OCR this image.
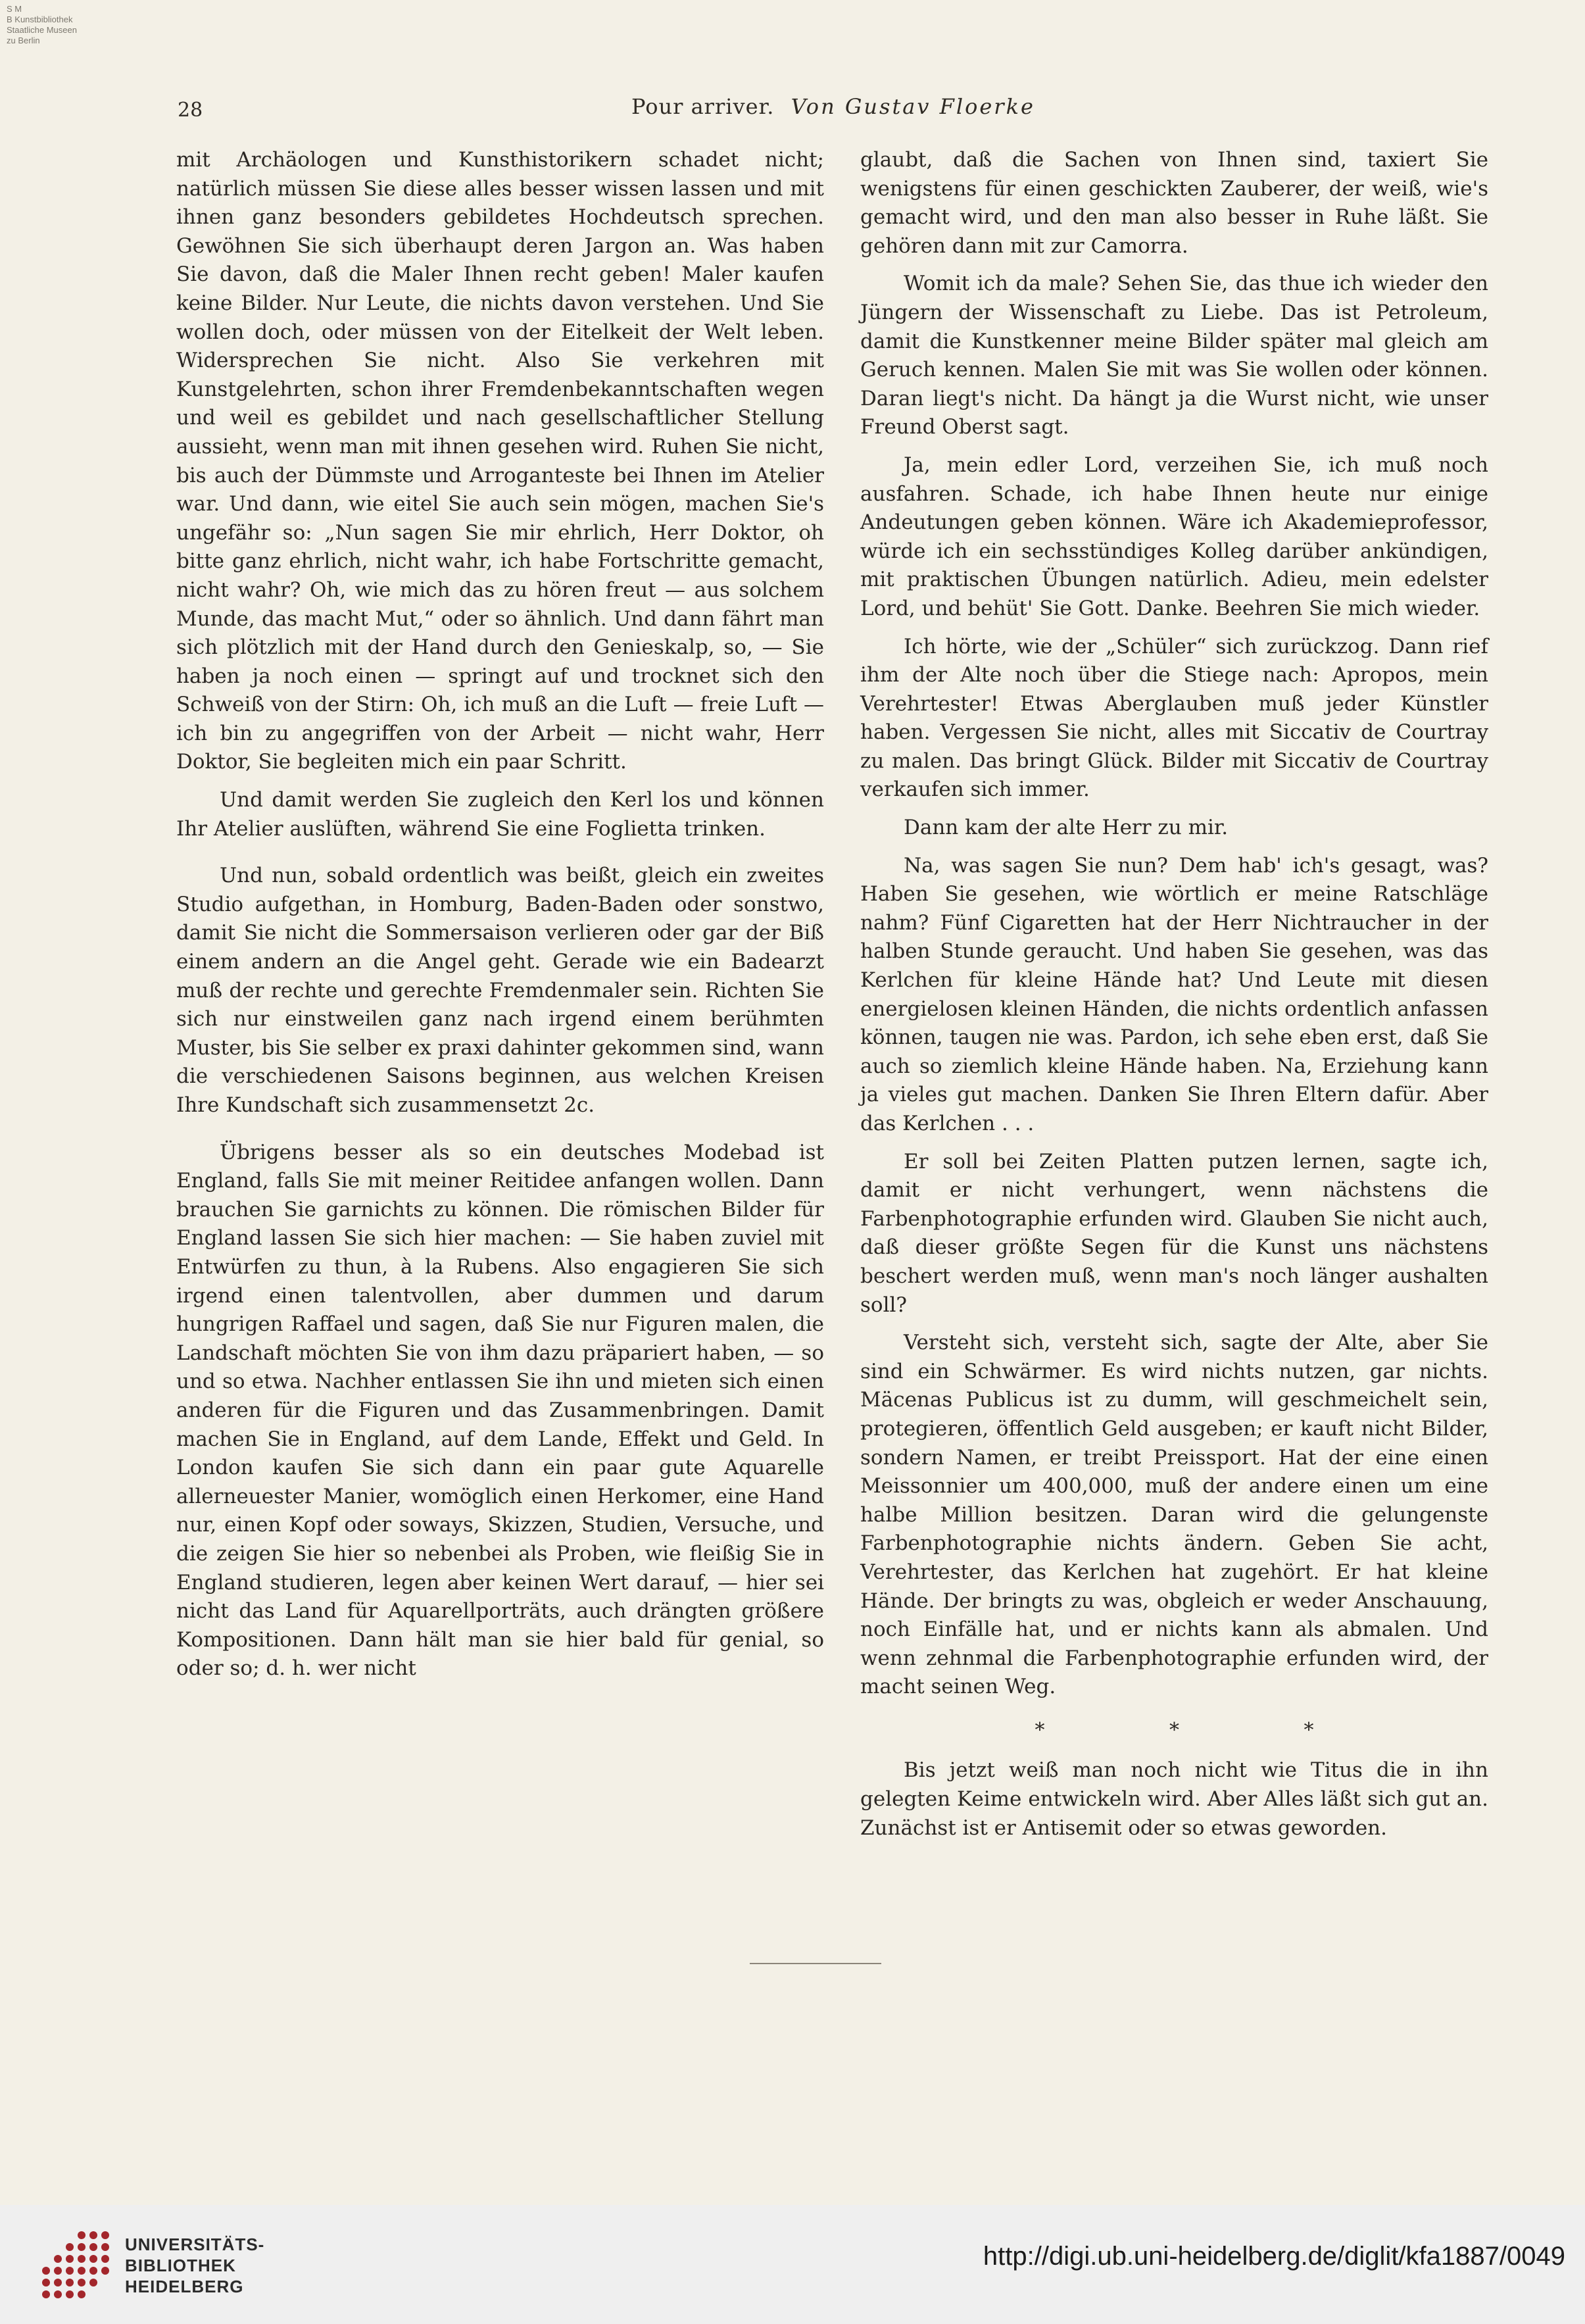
S M
B Kunstbibliothek
Staatliche Museen
zu Berlin
28	Pour arriver. Von Gustav Floerke

mit Archäologen und Kunsthistorikern schadet nicht; natürlich müssen Sie diese alles besser wissen lassen und mit ihnen ganz besonders gebildetes Hochdeutsch sprechen. Gewöhnen Sie sich überhaupt deren Jargon an. Was haben Sie davon, daß die Maler Ihnen recht geben! Maler kaufen keine Bilder. Nur Leute, die nichts davon verstehen. Und Sie wollen doch, oder müssen von der Eitelkeit der Welt leben. Widersprechen Sie nicht. Also Sie verkehren mit Kunstgelehrten, schon ihrer Fremdenbekanntschaften wegen und weil es gebildet und nach gesellschaftlicher Stellung aussieht, wenn man mit ihnen gesehen wird. Ruhen Sie nicht, bis auch der Dümmste und Arroganteste bei Ihnen im Atelier war. Und dann, wie eitel Sie auch sein mögen, machen Sie's ungefähr so: „Nun sagen Sie mir ehrlich, Herr Doktor, oh bitte ganz ehrlich, nicht wahr, ich habe Fortschritte gemacht, nicht wahr? Oh, wie mich das zu hören freut — aus solchem Munde, das macht Mut,“ oder so ähnlich. Und dann fährt man sich plötzlich mit der Hand durch den Genieskalp, so, — Sie haben ja noch einen — springt auf und trocknet sich den Schweiß von der Stirn: Oh, ich muß an die Luft — freie Luft — ich bin zu angegriffen von der Arbeit — nicht wahr, Herr Doktor, Sie begleiten mich ein paar Schritt.

Und damit werden Sie zugleich den Kerl los und können Ihr Atelier auslüften, während Sie eine Foglietta trinken.

Und nun, sobald ordentlich was beißt, gleich ein zweites Studio aufgethan, in Homburg, Baden-Baden oder sonstwo, damit Sie nicht die Sommersaison verlieren oder gar der Biß einem andern an die Angel geht. Gerade wie ein Badearzt muß der rechte und gerechte Fremdenmaler sein. Richten Sie sich nur einstweilen ganz nach irgend einem berühmten Muster, bis Sie selber ex praxi dahinter gekommen sind, wann die verschiedenen Saisons beginnen, aus welchen Kreisen Ihre Kundschaft sich zusammensetzt 2c.

Übrigens besser als so ein deutsches Modebad ist England, falls Sie mit meiner Reitidee anfangen wollen. Dann brauchen Sie garnichts zu können. Die römischen Bilder für England lassen Sie sich hier machen: — Sie haben zuviel mit Entwürfen zu thun, à la Rubens. Also engagieren Sie sich irgend einen talentvollen, aber dummen und darum hungrigen Raffael und sagen, daß Sie nur Figuren malen, die Landschaft möchten Sie von ihm dazu präpariert haben, — so und so etwa. Nachher entlassen Sie ihn und mieten sich einen anderen für die Figuren und das Zusammenbringen. Damit machen Sie in England, auf dem Lande, Effekt und Geld. In London kaufen Sie sich dann ein paar gute Aquarelle allerneuester Manier, womöglich einen Herkomer, eine Hand nur, einen Kopf oder soways, Skizzen, Studien, Versuche, und die zeigen Sie hier so nebenbei als Proben, wie fleißig Sie in England studieren, legen aber keinen Wert darauf, — hier sei nicht das Land für Aquarellporträts, auch drängten größere Kompositionen. Dann hält man sie hier bald für genial, so oder so; d. h. wer nicht

glaubt, daß die Sachen von Ihnen sind, taxiert Sie wenigstens für einen geschickten Zauberer, der weiß, wie's gemacht wird, und den man also besser in Ruhe läßt. Sie gehören dann mit zur Camorra.

Womit ich da male? Sehen Sie, das thue ich wieder den Jüngern der Wissenschaft zu Liebe. Das ist Petroleum, damit die Kunstkenner meine Bilder später mal gleich am Geruch kennen. Malen Sie mit was Sie wollen oder können. Daran liegt's nicht. Da hängt ja die Wurst nicht, wie unser Freund Oberst sagt.

Ja, mein edler Lord, verzeihen Sie, ich muß noch ausfahren. Schade, ich habe Ihnen heute nur einige Andeutungen geben können. Wäre ich Akademieprofessor, würde ich ein sechsstündiges Kolleg darüber ankündigen, mit praktischen Übungen natürlich. Adieu, mein edelster Lord, und behüt' Sie Gott. Danke. Beehren Sie mich wieder.

Ich hörte, wie der „Schüler“ sich zurückzog. Dann rief ihm der Alte noch über die Stiege nach: Apropos, mein Verehrtester! Etwas Aberglauben muß jeder Künstler haben. Vergessen Sie nicht, alles mit Siccativ de Courtray zu malen. Das bringt Glück. Bilder mit Siccativ de Courtray verkaufen sich immer.

Dann kam der alte Herr zu mir.

Na, was sagen Sie nun? Dem hab' ich's gesagt, was? Haben Sie gesehen, wie wörtlich er meine Ratschläge nahm? Fünf Cigaretten hat der Herr Nichtraucher in der halben Stunde geraucht. Und haben Sie gesehen, was das Kerlchen für kleine Hände hat? Und Leute mit diesen energielosen kleinen Händen, die nichts ordentlich anfassen können, taugen nie was. Pardon, ich sehe eben erst, daß Sie auch so ziemlich kleine Hände haben. Na, Erziehung kann ja vieles gut machen. Danken Sie Ihren Eltern dafür. Aber das Kerlchen . . .

Er soll bei Zeiten Platten putzen lernen, sagte ich, damit er nicht verhungert, wenn nächstens die Farbenphotographie erfunden wird. Glauben Sie nicht auch, daß dieser größte Segen für die Kunst uns nächstens beschert werden muß, wenn man's noch länger aushalten soll?

Versteht sich, versteht sich, sagte der Alte, aber Sie sind ein Schwärmer. Es wird nichts nutzen, gar nichts. Mäcenas Publicus ist zu dumm, will geschmeichelt sein, protegieren, öffentlich Geld ausgeben; er kauft nicht Bilder, sondern Namen, er treibt Preissport. Hat der eine einen Meissonnier um 400,000, muß der andere einen um eine halbe Million besitzen. Daran wird die gelungenste Farbenphotographie nichts ändern. Geben Sie acht, Verehrtester, das Kerlchen hat zugehört. Er hat kleine Hände. Der bringts zu was, obgleich er weder Anschauung, noch Einfälle hat, und er nichts kann als abmalen. Und wenn zehnmal die Farbenphotographie erfunden wird, der macht seinen Weg.

* * *

Bis jetzt weiß man noch nicht wie Titus die in ihn gelegten Keime entwickeln wird. Aber Alles läßt sich gut an. Zunächst ist er Antisemit oder so etwas geworden.

UNIVERSITÄTS-
BIBLIOTHEK
HEIDELBERG
http://digi.ub.uni-heidelberg.de/diglit/kfa1887/0049
